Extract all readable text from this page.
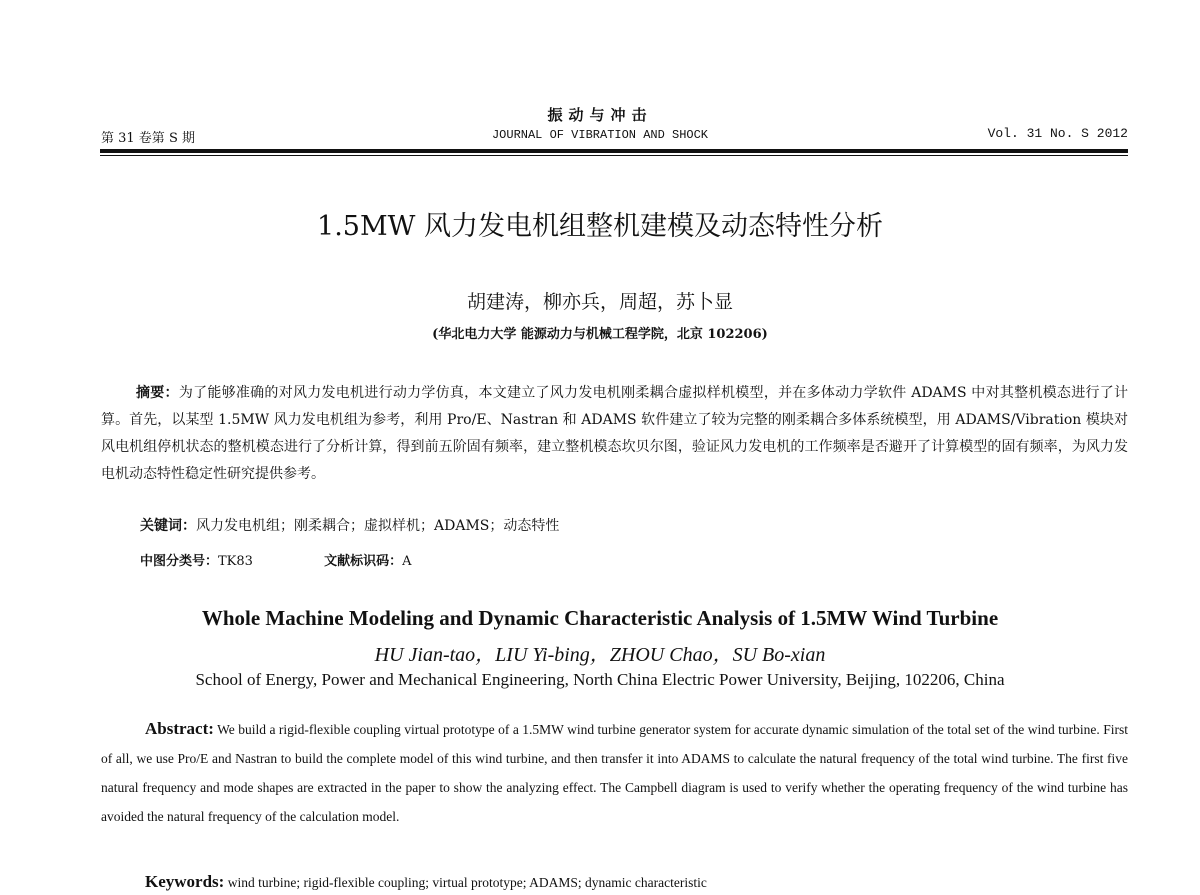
振动与冲击
第 31 卷第 S 期	JOURNAL OF VIBRATION AND SHOCK	Vol. 31 No. S 2012
1.5MW 风力发电机组整机建模及动态特性分析
胡建涛，柳亦兵，周超，苏卜显
(华北电力大学 能源动力与机械工程学院，北京 102206)
摘要：为了能够准确的对风力发电机进行动力学仿真，本文建立了风力发电机刚柔耦合虚拟样机模型，并在多体动力学软件 ADAMS 中对其整机模态进行了计算。首先，以某型 1.5MW 风力发电机组为参考，利用 Pro/E、Nastran 和 ADAMS 软件建立了较为完整的刚柔耦合多体系统模型，用 ADAMS/Vibration 模块对风电机组停机状态的整机模态进行了分析计算，得到前五阶固有频率，建立整机模态坎贝尔图，验证风力发电机的工作频率是否避开了计算模型的固有频率，为风力发电机动态特性稳定性研究提供参考。
关键词：风力发电机组；刚柔耦合；虚拟样机；ADAMS；动态特性
中图分类号：TK83	文献标识码：A
Whole Machine Modeling and Dynamic Characteristic Analysis of 1.5MW Wind Turbine
HU Jian-tao，LIU Yi-bing，ZHOU Chao，SU Bo-xian
School of Energy, Power and Mechanical Engineering, North China Electric Power University, Beijing, 102206, China
Abstract: We build a rigid-flexible coupling virtual prototype of a 1.5MW wind turbine generator system for accurate dynamic simulation of the total set of the wind turbine. First of all, we use Pro/E and Nastran to build the complete model of this wind turbine, and then transfer it into ADAMS to calculate the natural frequency of the total wind turbine. The first five natural frequency and mode shapes are extracted in the paper to show the analyzing effect. The Campbell diagram is used to verify whether the operating frequency of the wind turbine has avoided the natural frequency of the calculation model.
Keywords: wind turbine; rigid-flexible coupling; virtual prototype; ADAMS; dynamic characteristic
